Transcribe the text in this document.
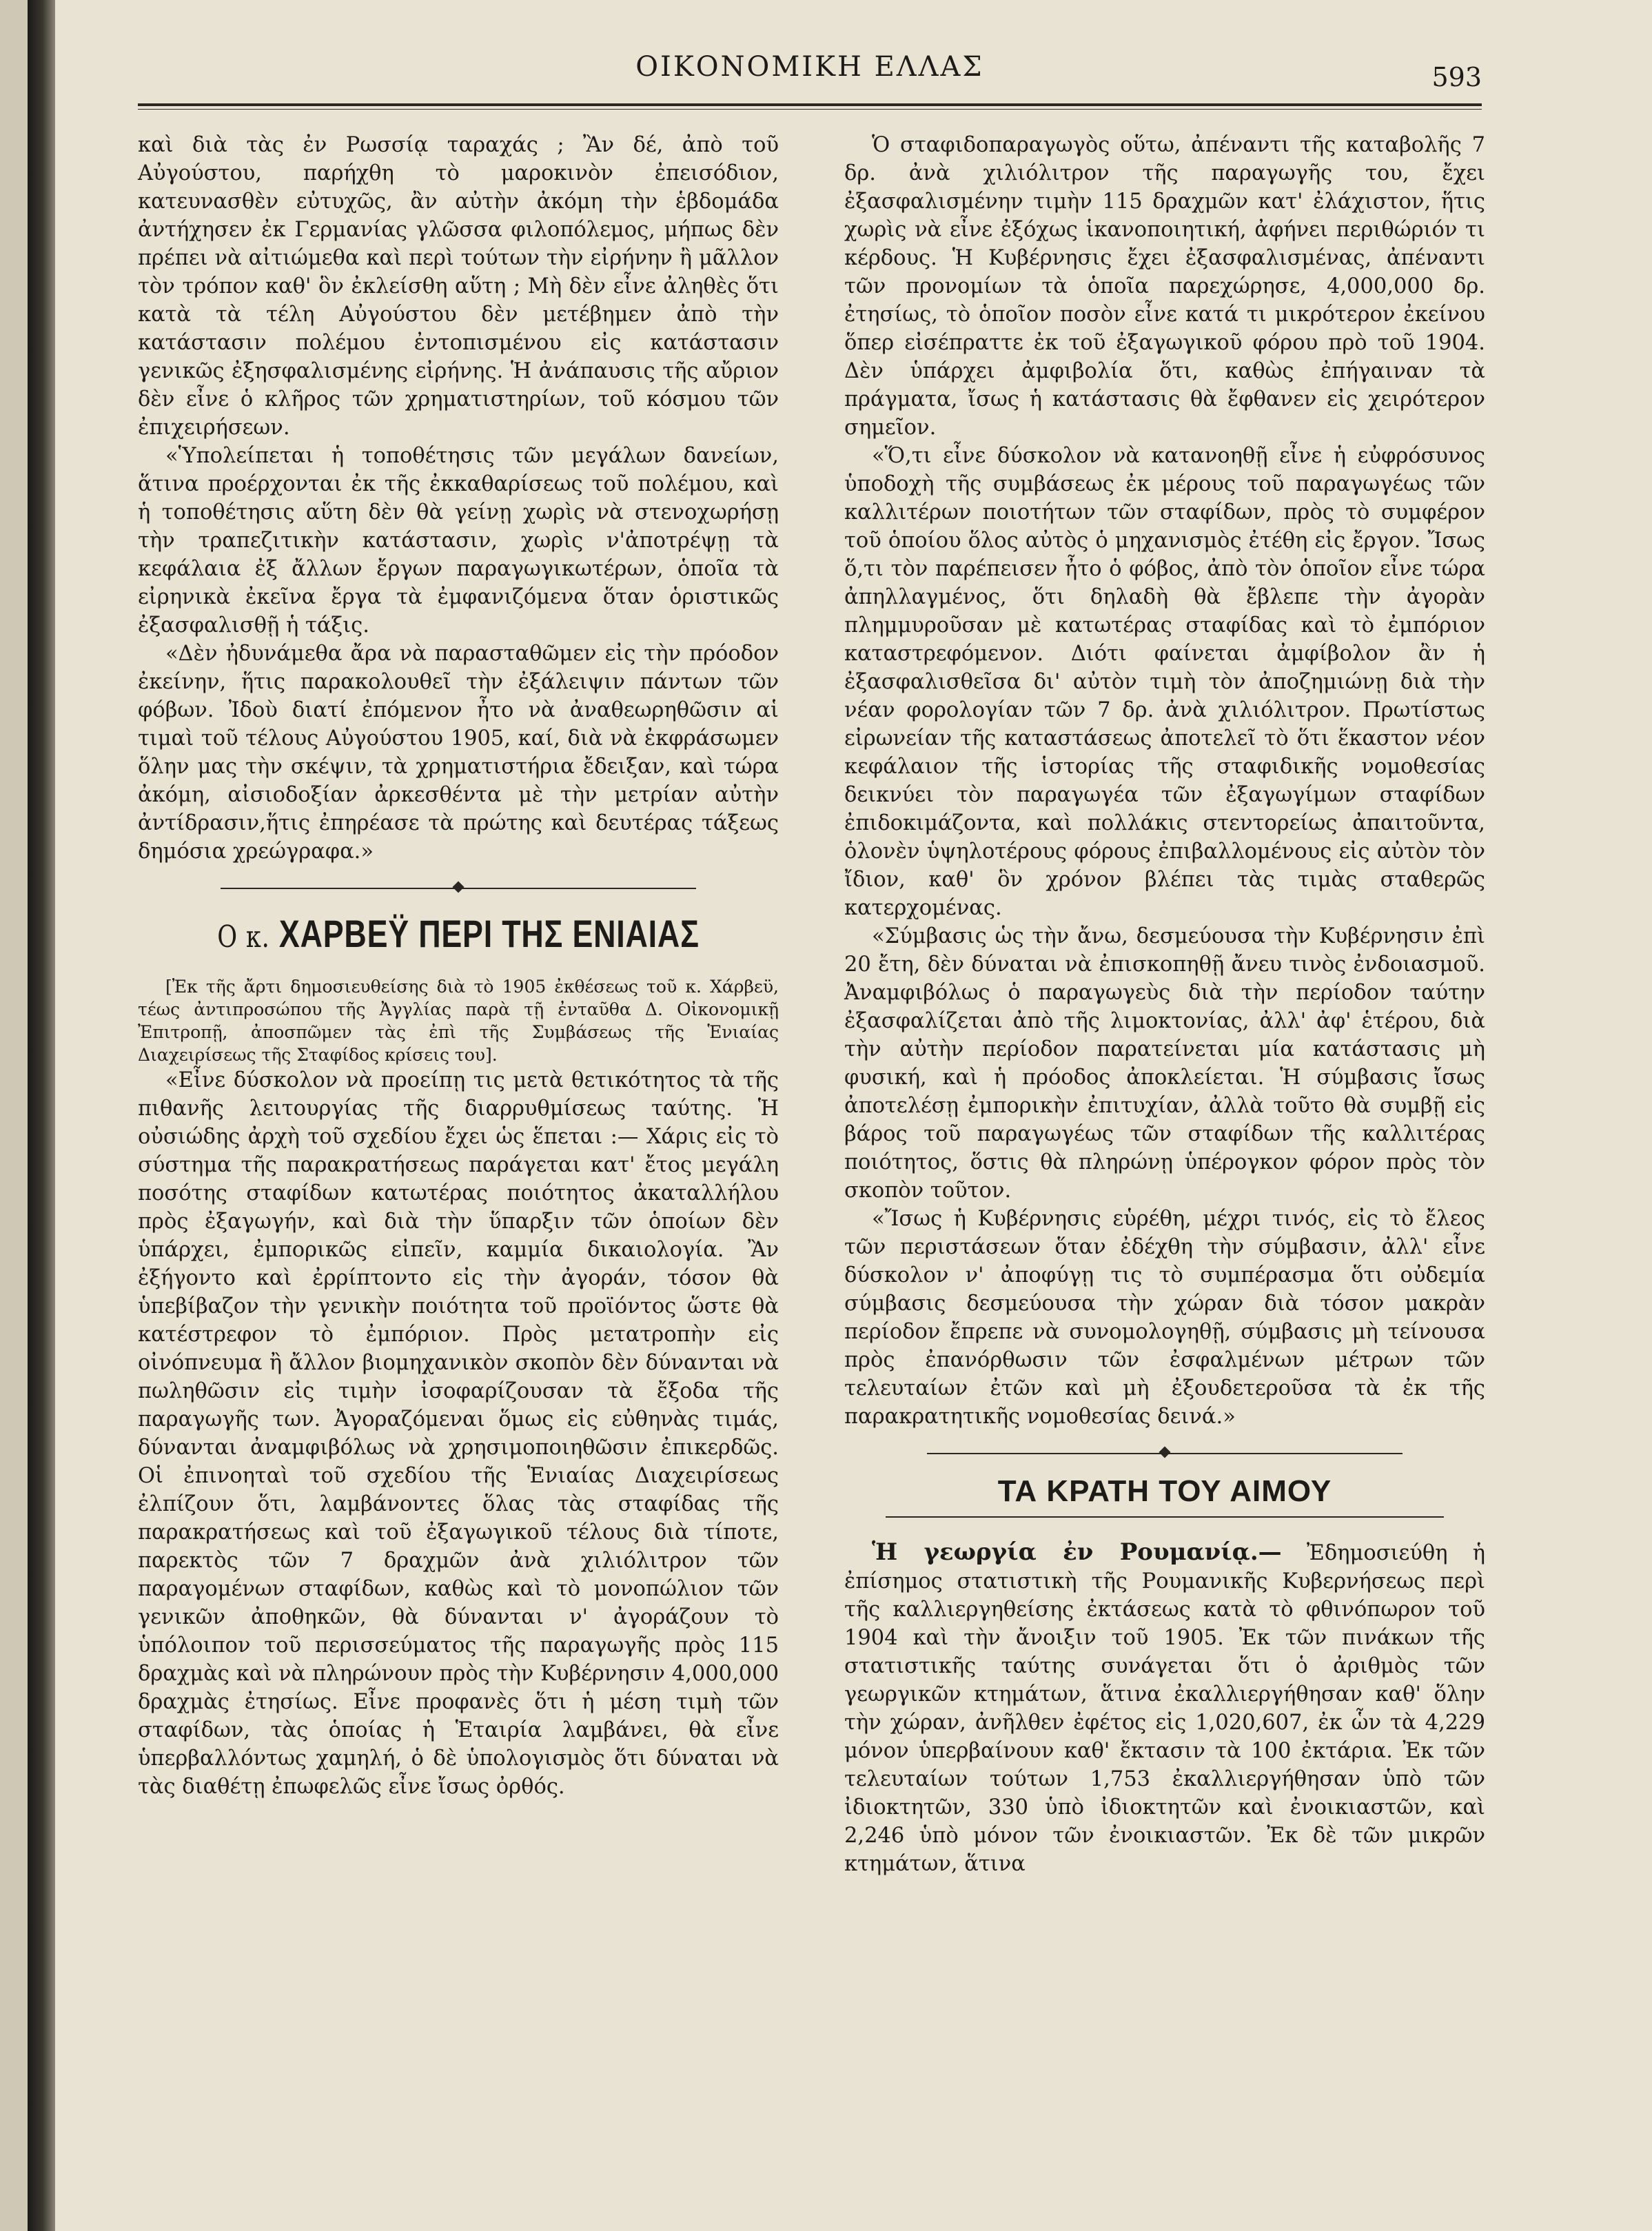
ΟΙΚΟΝΟΜΙΚΗ ΕΛΛΑΣ	593

καὶ διὰ τὰς ἐν Ρωσσίᾳ ταραχάς ; Ἂν δέ, ἀπὸ τοῦ Αὐγούστου, παρήχθη τὸ μαροκινὸν ἐπεισόδιον, κατευνασθὲν εὐτυχῶς, ἂν αὐτὴν ἀκόμη τὴν ἑβδομάδα ἀντήχησεν ἐκ Γερμανίας γλῶσσα φιλοπόλεμος, μήπως δὲν πρέπει νὰ αἰτιώμεθα καὶ περὶ τούτων τὴν εἰρήνην ἢ μᾶλλον τὸν τρόπον καθ' ὃν ἐκλείσθη αὕτη ; Μὴ δὲν εἶνε ἀληθὲς ὅτι κατὰ τὰ τέλη Αὐγούστου δὲν μετέβημεν ἀπὸ τὴν κατάστασιν πολέμου ἐντοπισμένου εἰς κατάστασιν γενικῶς ἐξησφαλισμένης εἰρήνης. Ἡ ἀνάπαυσις τῆς αὔριον δὲν εἶνε ὁ κλῆρος τῶν χρηματιστηρίων, τοῦ κόσμου τῶν ἐπιχειρήσεων.

«Ὑπολείπεται ἡ τοποθέτησις τῶν μεγάλων δανείων, ἅτινα προέρχονται ἐκ τῆς ἐκκαθαρίσεως τοῦ πολέμου, καὶ ἡ τοποθέτησις αὕτη δὲν θὰ γείνῃ χωρὶς νὰ στενοχωρήσῃ τὴν τραπεζιτικὴν κατάστασιν, χωρὶς ν'ἀποτρέψῃ τὰ κεφάλαια ἐξ ἄλλων ἔργων παραγωγικωτέρων, ὁποῖα τὰ εἰρηνικὰ ἐκεῖνα ἔργα τὰ ἐμφανιζόμενα ὅταν ὁριστικῶς ἐξασφαλισθῇ ἡ τάξις.

«Δὲν ἠδυνάμεθα ἄρα νὰ παρασταθῶμεν εἰς τὴν πρόοδον ἐκείνην, ἥτις παρακολουθεῖ τὴν ἐξάλειψιν πάντων τῶν φόβων. Ἰδοὺ διατί ἐπόμενον ἦτο νὰ ἀναθεωρηθῶσιν αἱ τιμαὶ τοῦ τέλους Αὐγούστου 1905, καί, διὰ νὰ ἐκφράσωμεν ὅλην μας τὴν σκέψιν, τὰ χρηματιστήρια ἔδειξαν, καὶ τώρα ἀκόμη, αἰσιοδοξίαν ἀρκεσθέντα μὲ τὴν μετρίαν αὐτὴν ἀντίδρασιν,ἥτις ἐπηρέασε τὰ πρώτης καὶ δευτέρας τάξεως δημόσια χρεώγραφα.»

Ο κ. ΧΑΡΒΕΫ ΠΕΡΙ ΤΗΣ ΕΝΙΑΙΑΣ

[Ἐκ τῆς ἄρτι δημοσιευθείσης διὰ τὸ 1905 ἐκθέσεως τοῦ κ. Χάρβεϋ, τέως ἀντιπροσώπου τῆς Ἀγγλίας παρὰ τῇ ἐνταῦθα Δ. Οἰκονομικῇ Ἐπιτροπῇ, ἀποσπῶμεν τὰς ἐπὶ τῆς Συμβάσεως τῆς Ἑνιαίας Διαχειρίσεως τῆς Σταφίδος κρίσεις του].

«Εἶνε δύσκολον νὰ προείπῃ τις μετὰ θετικότητος τὰ τῆς πιθανῆς λειτουργίας τῆς διαρρυθμίσεως ταύτης. Ἡ οὐσιώδης ἀρχὴ τοῦ σχεδίου ἔχει ὡς ἕπεται :— Χάρις εἰς τὸ σύστημα τῆς παρακρατήσεως παράγεται κατ' ἔτος μεγάλη ποσότης σταφίδων κατωτέρας ποιότητος ἀκαταλλήλου πρὸς ἐξαγωγήν, καὶ διὰ τὴν ὕπαρξιν τῶν ὁποίων δὲν ὑπάρχει, ἐμπορικῶς εἰπεῖν, καμμία δικαιολογία. Ἂν ἐξήγοντο καὶ ἐρρίπτοντο εἰς τὴν ἀγοράν, τόσον θὰ ὑπεβίβαζον τὴν γενικὴν ποιότητα τοῦ προϊόντος ὥστε θὰ κατέστρεφον τὸ ἐμπόριον. Πρὸς μετατροπὴν εἰς οἰνόπνευμα ἢ ἄλλον βιομηχανικὸν σκοπὸν δὲν δύνανται νὰ πωληθῶσιν εἰς τιμὴν ἰσοφαρίζουσαν τὰ ἔξοδα τῆς παραγωγῆς των. Ἀγοραζόμεναι ὅμως εἰς εὐθηνὰς τιμάς, δύνανται ἀναμφιβόλως νὰ χρησιμοποιηθῶσιν ἐπικερδῶς. Οἱ ἐπινοηταὶ τοῦ σχεδίου τῆς Ἑνιαίας Διαχειρίσεως ἐλπίζουν ὅτι, λαμβάνοντες ὅλας τὰς σταφίδας τῆς παρακρατήσεως καὶ τοῦ ἐξαγωγικοῦ τέλους διὰ τίποτε, παρεκτὸς τῶν 7 δραχμῶν ἀνὰ χιλιόλιτρον τῶν παραγομένων σταφίδων, καθὼς καὶ τὸ μονοπώλιον τῶν γενικῶν ἀποθηκῶν, θὰ δύνανται ν' ἀγοράζουν τὸ ὑπόλοιπον τοῦ περισσεύματος τῆς παραγωγῆς πρὸς 115 δραχμὰς καὶ νὰ πληρώνουν πρὸς τὴν Κυβέρνησιν 4,000,000 δραχμὰς ἐτησίως. Εἶνε προφανὲς ὅτι ἡ μέση τιμὴ τῶν σταφίδων, τὰς ὁποίας ἡ Ἑταιρία λαμβάνει, θὰ εἶνε ὑπερβαλλόντως χαμηλή, ὁ δὲ ὑπολογισμὸς ὅτι δύναται νὰ τὰς διαθέτῃ ἐπωφελῶς εἶνε ἴσως ὀρθός.

Ὁ σταφιδοπαραγωγὸς οὕτω, ἀπέναντι τῆς καταβολῆς 7 δρ. ἀνὰ χιλιόλιτρον τῆς παραγωγῆς του, ἔχει ἐξασφαλισμένην τιμὴν 115 δραχμῶν κατ' ἐλάχιστον, ἥτις χωρὶς νὰ εἶνε ἐξόχως ἱκανοποιητική, ἀφήνει περιθώριόν τι κέρδους. Ἡ Κυβέρνησις ἔχει ἐξασφαλισμένας, ἀπέναντι τῶν προνομίων τὰ ὁποῖα παρεχώρησε, 4,000,000 δρ. ἐτησίως, τὸ ὁποῖον ποσὸν εἶνε κατά τι μικρότερον ἐκείνου ὅπερ εἰσέπραττε ἐκ τοῦ ἐξαγωγικοῦ φόρου πρὸ τοῦ 1904. Δὲν ὑπάρχει ἀμφιβολία ὅτι, καθὼς ἐπήγαιναν τὰ πράγματα, ἴσως ἡ κατάστασις θὰ ἔφθανεν εἰς χειρότερον σημεῖον.

«Ὅ,τι εἶνε δύσκολον νὰ κατανοηθῇ εἶνε ἡ εὐφρόσυνος ὑποδοχὴ τῆς συμβάσεως ἐκ μέρους τοῦ παραγωγέως τῶν καλλιτέρων ποιοτήτων τῶν σταφίδων, πρὸς τὸ συμφέρον τοῦ ὁποίου ὅλος αὐτὸς ὁ μηχανισμὸς ἐτέθη εἰς ἔργον. Ἴσως ὅ,τι τὸν παρέπεισεν ἦτο ὁ φόβος, ἀπὸ τὸν ὁποῖον εἶνε τώρα ἀπηλλαγμένος, ὅτι δηλαδὴ θὰ ἔβλεπε τὴν ἀγορὰν πλημμυροῦσαν μὲ κατωτέρας σταφίδας καὶ τὸ ἐμπόριον καταστρεφόμενον. Διότι φαίνεται ἀμφίβολον ἂν ἡ ἐξασφαλισθεῖσα δι' αὐτὸν τιμὴ τὸν ἀποζημιώνῃ διὰ τὴν νέαν φορολογίαν τῶν 7 δρ. ἀνὰ χιλιόλιτρον. Πρωτίστως εἰρωνείαν τῆς καταστάσεως ἀποτελεῖ τὸ ὅτι ἕκαστον νέον κεφάλαιον τῆς ἱστορίας τῆς σταφιδικῆς νομοθεσίας δεικνύει τὸν παραγωγέα τῶν ἐξαγωγίμων σταφίδων ἐπιδοκιμάζοντα, καὶ πολλάκις στεντορείως ἀπαιτοῦντα, ὁλονὲν ὑψηλοτέρους φόρους ἐπιβαλλομένους εἰς αὐτὸν τὸν ἴδιον, καθ' ὃν χρόνον βλέπει τὰς τιμὰς σταθερῶς κατερχομένας.

«Σύμβασις ὡς τὴν ἄνω, δεσμεύουσα τὴν Κυβέρνησιν ἐπὶ 20 ἔτη, δὲν δύναται νὰ ἐπισκοπηθῇ ἄνευ τινὸς ἐνδοιασμοῦ. Ἀναμφιβόλως ὁ παραγωγεὺς διὰ τὴν περίοδον ταύτην ἐξασφαλίζεται ἀπὸ τῆς λιμοκτονίας, ἀλλ' ἀφ' ἑτέρου, διὰ τὴν αὐτὴν περίοδον παρατείνεται μία κατάστασις μὴ φυσική, καὶ ἡ πρόοδος ἀποκλείεται. Ἡ σύμβασις ἴσως ἀποτελέσῃ ἐμπορικὴν ἐπιτυχίαν, ἀλλὰ τοῦτο θὰ συμβῇ εἰς βάρος τοῦ παραγωγέως τῶν σταφίδων τῆς καλλιτέρας ποιότητος, ὅστις θὰ πληρώνῃ ὑπέρογκον φόρον πρὸς τὸν σκοπὸν τοῦτον.

«Ἴσως ἡ Κυβέρνησις εὑρέθη, μέχρι τινός, εἰς τὸ ἔλεος τῶν περιστάσεων ὅταν ἐδέχθη τὴν σύμβασιν, ἀλλ' εἶνε δύσκολον ν' ἀποφύγῃ τις τὸ συμπέρασμα ὅτι οὐδεμία σύμβασις δεσμεύουσα τὴν χώραν διὰ τόσον μακρὰν περίοδον ἔπρεπε νὰ συνομολογηθῇ, σύμβασις μὴ τείνουσα πρὸς ἐπανόρθωσιν τῶν ἐσφαλμένων μέτρων τῶν τελευταίων ἐτῶν καὶ μὴ ἐξουδετεροῦσα τὰ ἐκ τῆς παρακρατητικῆς νομοθεσίας δεινά.»

ΤΑ ΚΡΑΤΗ ΤΟΥ ΑΙΜΟΥ

Ἡ γεωργία ἐν Ρουμανίᾳ.— Ἐδημοσιεύθη ἡ ἐπίσημος στατιστικὴ τῆς Ρουμανικῆς Κυβερνήσεως περὶ τῆς καλλιεργηθείσης ἐκτάσεως κατὰ τὸ φθινόπωρον τοῦ 1904 καὶ τὴν ἄνοιξιν τοῦ 1905. Ἐκ τῶν πινάκων τῆς στατιστικῆς ταύτης συνάγεται ὅτι ὁ ἀριθμὸς τῶν γεωργικῶν κτημάτων, ἅτινα ἐκαλλιεργήθησαν καθ' ὅλην τὴν χώραν, ἀνῆλθεν ἐφέτος εἰς 1,020,607, ἐκ ὧν τὰ 4,229 μόνον ὑπερβαίνουν καθ' ἔκτασιν τὰ 100 ἐκτάρια. Ἐκ τῶν τελευταίων τούτων 1,753 ἐκαλλιεργήθησαν ὑπὸ τῶν ἰδιοκτητῶν, 330 ὑπὸ ἰδιοκτητῶν καὶ ἐνοικιαστῶν, καὶ 2,246 ὑπὸ μόνον τῶν ἐνοικιαστῶν. Ἐκ δὲ τῶν μικρῶν κτημάτων, ἅτινα
